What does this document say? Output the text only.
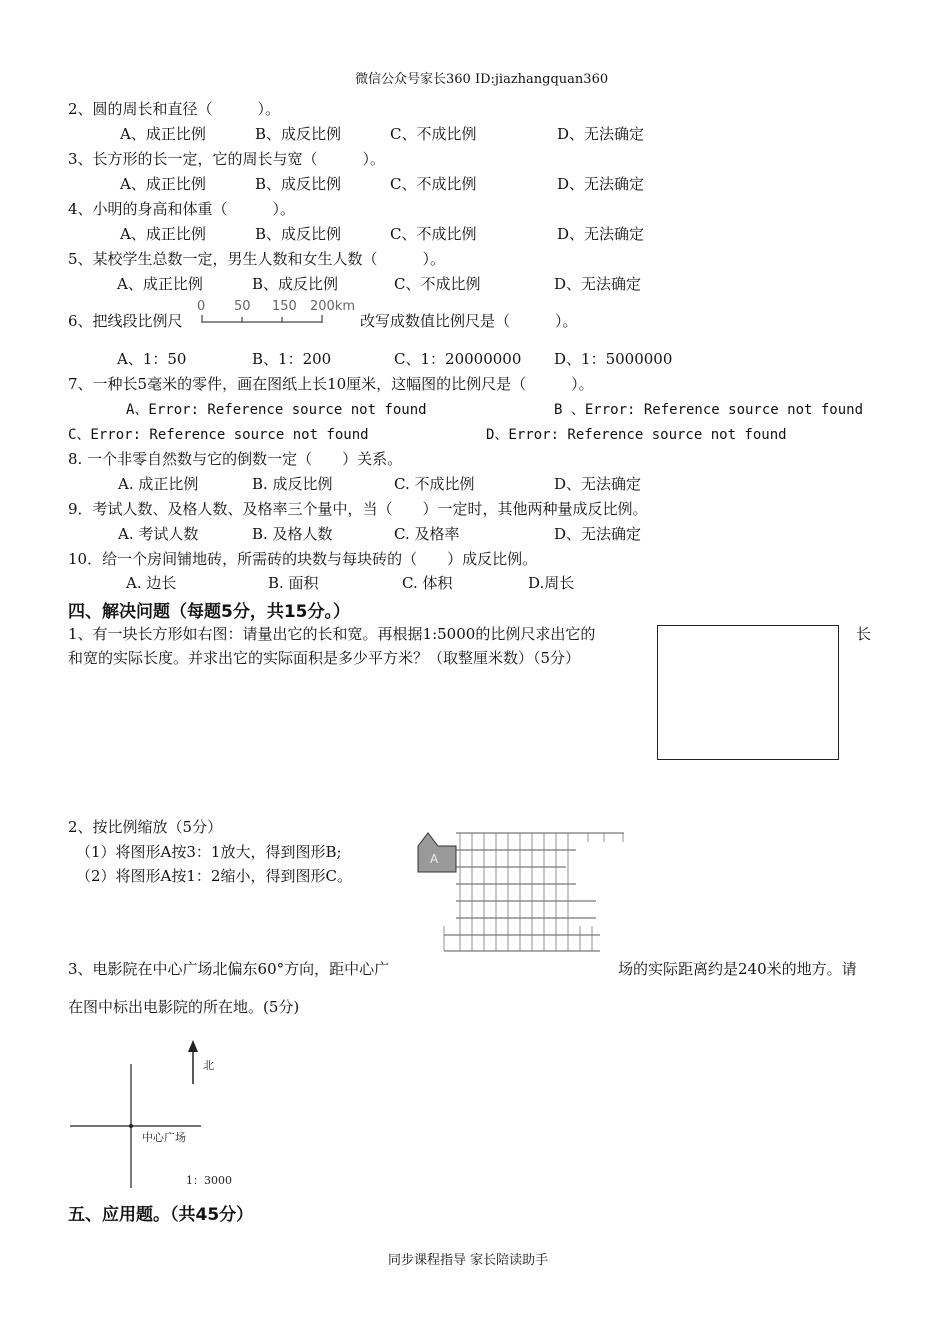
微信公众号家长360 ID:jiazhangquan360
2、圆的周长和直径（　　　）。
A、成正比例	B、成反比例	C、不成比例	D、无法确定
3、长方形的长一定，它的周长与宽（　　　）。
A、成正比例	B、成反比例	C、不成比例	D、无法确定
4、小明的身高和体重（　　　）。
A、成正比例	B、成反比例	C、不成比例	D、无法确定
5、某校学生总数一定，男生人数和女生人数（　　　）。
A、成正比例	B、成反比例	C、不成比例	D、无法确定
6、把线段比例尺
0 50 150 200km
改写成数值比例尺是（　　　）。
A、1：50	B、1：200	C、1：20000000 D、1：5000000
7、一种长5毫米的零件，画在图纸上长10厘米，这幅图的比例尺是（　　　）。
A、Error: Reference source not found	B 、Error: Reference source not found
C、Error: Reference source not found	D、Error: Reference source not found
8. 一个非零自然数与它的倒数一定（　　）关系。
A. 成正比例	B. 成反比例	C. 不成比例	D、无法确定
9．考试人数、及格人数、及格率三个量中，当（　　）一定时，其他两种量成反比例。
A. 考试人数	B. 及格人数	C. 及格率	D、无法确定
10．给一个房间铺地砖，所需砖的块数与每块砖的（　　）成反比例。
A. 边长	B. 面积	C. 体积	D.周长
四、解决问题（每题5分，共15分。）
1、有一块长方形如右图：请量出它的长和宽。再根据1:5000的比例尺求出它的	长
和宽的实际长度。并求出它的实际面积是多少平方米？（取整厘米数）（5分）
2、按比例缩放（5分）
（1）将图形A按3：1放大，得到图形B;
（2）将图形A按1：2缩小，得到图形C。
A
3、电影院在中心广场北偏东60°方向，距中心广	场的实际距离约是240米的地方。请
在图中标出电影院的所在地。(5分)
北
中心广场
1：3000
五、应用题。（共45分）
同步课程指导 家长陪读助手
